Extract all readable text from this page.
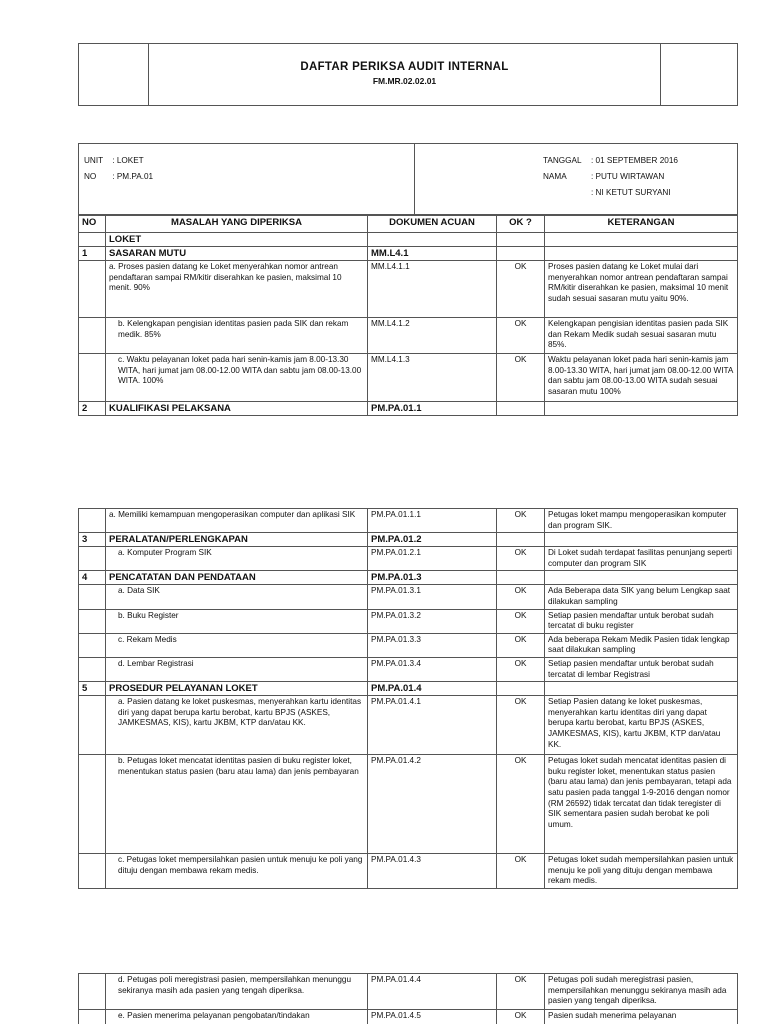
DAFTAR PERIKSA AUDIT INTERNAL
FM.MR.02.02.01

UNIT : LOKET
NO : PM.PA.01

TANGGAL : 01 SEPTEMBER 2016
NAMA	: PUTU WIRTAWAN
: NI KETUT SURYANI
NO	MASALAH YANG DIPERIKSA	DOKUMEN ACUAN	OK ?	KETERANGAN
	LOKET			
1	SASARAN MUTU	MM.L4.1		
	a. Proses pasien datang ke Loket menyerahkan nomor antrean pendaftaran sampai RM/kitir diserahkan ke pasien, maksimal 10 menit. 90%	MM.L4.1.1	OK	Proses pasien datang ke Loket mulai dari menyerahkan nomor antrean pendaftaran sampai RM/kitir diserahkan ke pasien, maksimal 10 menit sudah sesuai sasaran mutu yaitu 90%.
	b. Kelengkapan pengisian identitas pasien pada SIK dan rekam medik. 85%	MM.L4.1.2	OK	Kelengkapan pengisian identitas pasien pada SIK dan Rekam Medik sudah sesuai sasaran mutu 85%.
	c. Waktu pelayanan loket pada hari senin-kamis jam 8.00-13.30 WITA, hari jumat jam 08.00-12.00 WITA dan sabtu jam 08.00-13.00 WITA. 100%	MM.L4.1.3	OK	Waktu pelayanan loket pada hari senin-kamis jam 8.00-13.30 WITA, hari jumat jam 08.00-12.00 WITA dan sabtu jam 08.00-13.00 WITA sudah sesuai sasaran mutu 100%
2	KUALIFIKASI PELAKSANA	PM.PA.01.1		
	a. Memiliki kemampuan mengoperasikan computer dan aplikasi SIK	PM.PA.01.1.1	OK	Petugas loket mampu mengoperasikan komputer dan program SIK.
3	PERALATAN/PERLENGKAPAN	PM.PA.01.2		
	a. Komputer Program SIK	PM.PA.01.2.1	OK	Di Loket sudah terdapat fasilitas penunjang seperti computer dan program SIK
4	PENCATATAN DAN PENDATAAN	PM.PA.01.3		
	a. Data SIK	PM.PA.01.3.1	OK	Ada Beberapa data SIK yang belum Lengkap saat dilakukan sampling
	b. Buku Register	PM.PA.01.3.2	OK	Setiap pasien mendaftar untuk berobat sudah tercatat di buku register
	c. Rekam Medis	PM.PA.01.3.3	OK	Ada beberapa Rekam Medik Pasien tidak lengkap saat dilakukan sampling
	d. Lembar Registrasi	PM.PA.01.3.4	OK	Setiap pasien mendaftar untuk berobat sudah tercatat di lembar Registrasi
5	PROSEDUR PELAYANAN LOKET	PM.PA.01.4		
	a. Pasien datang ke loket puskesmas, menyerahkan kartu identitas diri yang dapat berupa kartu berobat, kartu BPJS (ASKES, JAMKESMAS, KIS), kartu JKBM, KTP dan/atau KK.	PM.PA.01.4.1	OK	Setiap Pasien datang ke loket puskesmas, menyerahkan kartu identitas diri yang dapat berupa kartu berobat, kartu BPJS (ASKES, JAMKESMAS, KIS), kartu JKBM, KTP dan/atau KK.
	b. Petugas loket mencatat identitas pasien di buku register loket, menentukan status pasien (baru atau lama) dan jenis pembayaran	PM.PA.01.4.2	OK	Petugas loket sudah mencatat identitas pasien di buku register loket, menentukan status pasien (baru atau lama) dan jenis pembayaran, tetapi ada satu pasien pada tanggal 1-9-2016 dengan nomor (RM 26592) tidak tercatat dan tidak teregister di SIK sementara pasien sudah berobat ke poli umum.
	c. Petugas loket mempersilahkan pasien untuk menuju ke poli yang dituju dengan membawa rekam medis.	PM.PA.01.4.3	OK	Petugas loket sudah mempersilahkan pasien untuk menuju ke poli yang dituju dengan membawa rekam medis.
	d. Petugas poli meregistrasi pasien, mempersilahkan menunggu sekiranya masih ada pasien yang tengah diperiksa.	PM.PA.01.4.4	OK	Petugas poli sudah meregistrasi pasien, mempersilahkan menunggu sekiranya masih ada pasien yang tengah diperiksa.
	e. Pasien menerima pelayanan pengobatan/tindakan	PM.PA.01.4.5	OK	Pasien sudah menerima pelayanan
